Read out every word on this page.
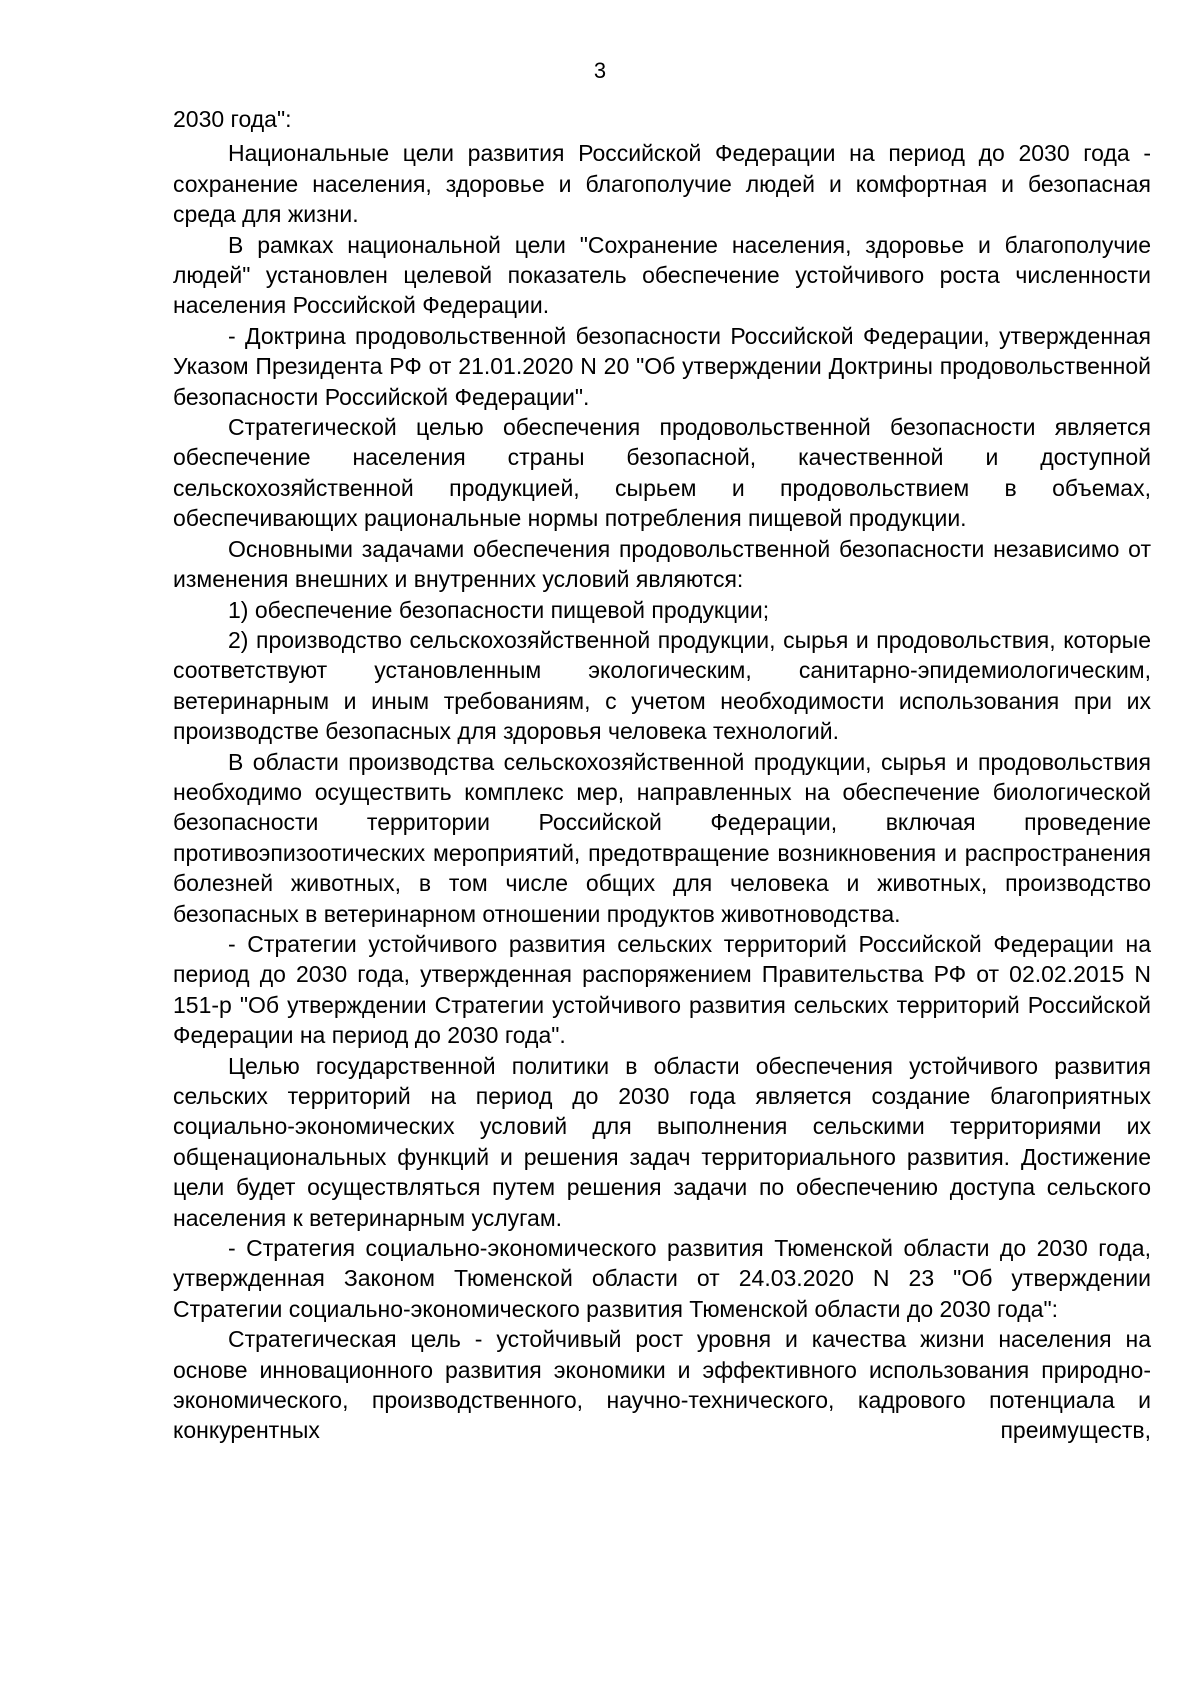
3

2030 года":

Национальные цели развития Российской Федерации на период до 2030 года - сохранение населения, здоровье и благополучие людей и комфортная и безопасная среда для жизни.

В рамках национальной цели "Сохранение населения, здоровье и благополучие людей" установлен целевой показатель обеспечение устойчивого роста численности населения Российской Федерации.

- Доктрина продовольственной безопасности Российской Федерации, утвержденная Указом Президента РФ от 21.01.2020 N 20 "Об утверждении Доктрины продовольственной безопасности Российской Федерации".

Стратегической целью обеспечения продовольственной безопасности является обеспечение населения страны безопасной, качественной и доступной сельскохозяйственной продукцией, сырьем и продовольствием в объемах, обеспечивающих рациональные нормы потребления пищевой продукции.

Основными задачами обеспечения продовольственной безопасности независимо от изменения внешних и внутренних условий являются:

1) обеспечение безопасности пищевой продукции;

2) производство сельскохозяйственной продукции, сырья и продовольствия, которые соответствуют установленным экологическим, санитарно-эпидемиологическим, ветеринарным и иным требованиям, с учетом необходимости использования при их производстве безопасных для здоровья человека технологий.

В области производства сельскохозяйственной продукции, сырья и продовольствия необходимо осуществить комплекс мер, направленных на обеспечение биологической безопасности территории Российской Федерации, включая проведение противоэпизоотических мероприятий, предотвращение возникновения и распространения болезней животных, в том числе общих для человека и животных, производство безопасных в ветеринарном отношении продуктов животноводства.

- Стратегии устойчивого развития сельских территорий Российской Федерации на период до 2030 года, утвержденная распоряжением Правительства РФ от 02.02.2015 N 151-р "Об утверждении Стратегии устойчивого развития сельских территорий Российской Федерации на период до 2030 года".

Целью государственной политики в области обеспечения устойчивого развития сельских территорий на период до 2030 года является создание благоприятных социально-экономических условий для выполнения сельскими территориями их общенациональных функций и решения задач территориального развития. Достижение цели будет осуществляться путем решения задачи по обеспечению доступа сельского населения к ветеринарным услугам.

- Стратегия социально-экономического развития Тюменской области до 2030 года, утвержденная Законом Тюменской области от 24.03.2020 N 23 "Об утверждении Стратегии социально-экономического развития Тюменской области до 2030 года":

Стратегическая цель - устойчивый рост уровня и качества жизни населения на основе инновационного развития экономики и эффективного использования природно-экономического, производственного, научно-технического, кадрового потенциала и конкурентных преимуществ,
